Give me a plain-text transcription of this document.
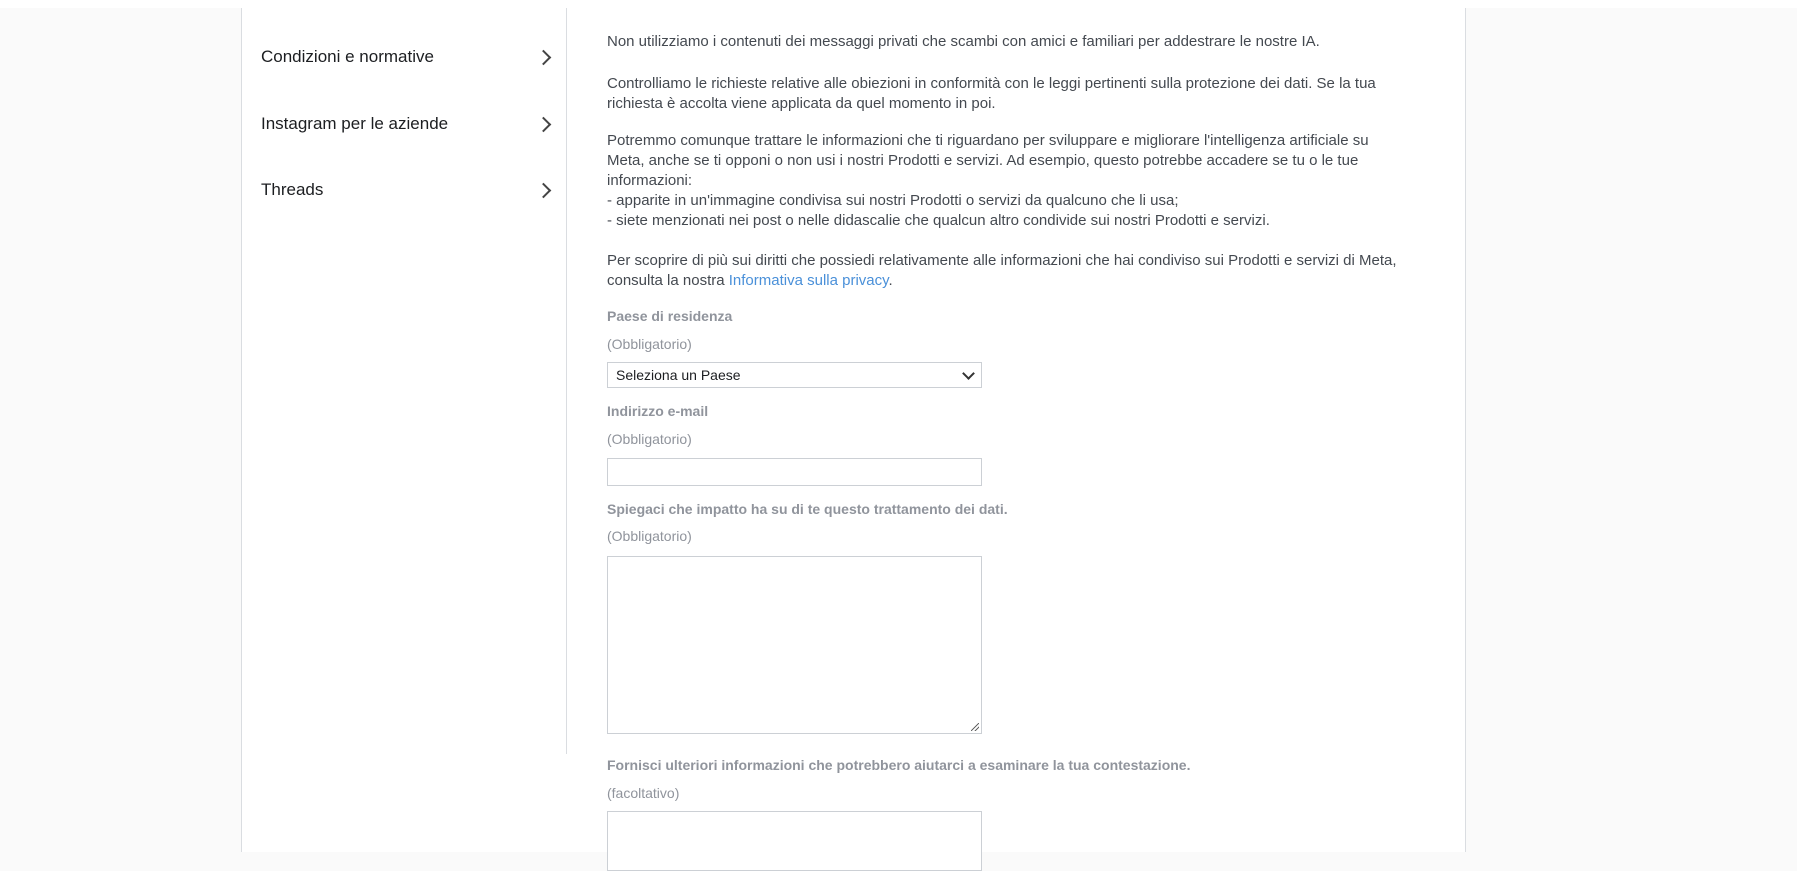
Condizioni e normative
Instagram per le aziende
Threads
Non utilizziamo i contenuti dei messaggi privati che scambi con amici e familiari per addestrare le nostre IA.
Controlliamo le richieste relative alle obiezioni in conformità con le leggi pertinenti sulla protezione dei dati. Se la tua richiesta è accolta viene applicata da quel momento in poi.
Potremmo comunque trattare le informazioni che ti riguardano per sviluppare e migliorare l'intelligenza artificiale su Meta, anche se ti opponi o non usi i nostri Prodotti e servizi. Ad esempio, questo potrebbe accadere se tu o le tue informazioni:
- apparite in un'immagine condivisa sui nostri Prodotti o servizi da qualcuno che li usa;
- siete menzionati nei post o nelle didascalie che qualcun altro condivide sui nostri Prodotti e servizi.
Per scoprire di più sui diritti che possiedi relativamente alle informazioni che hai condiviso sui Prodotti e servizi di Meta, consulta la nostra Informativa sulla privacy.
Paese di residenza
(Obbligatorio)
Seleziona un Paese
Indirizzo e-mail
(Obbligatorio)
Spiegaci che impatto ha su di te questo trattamento dei dati.
(Obbligatorio)
Fornisci ulteriori informazioni che potrebbero aiutarci a esaminare la tua contestazione.
(facoltativo)
